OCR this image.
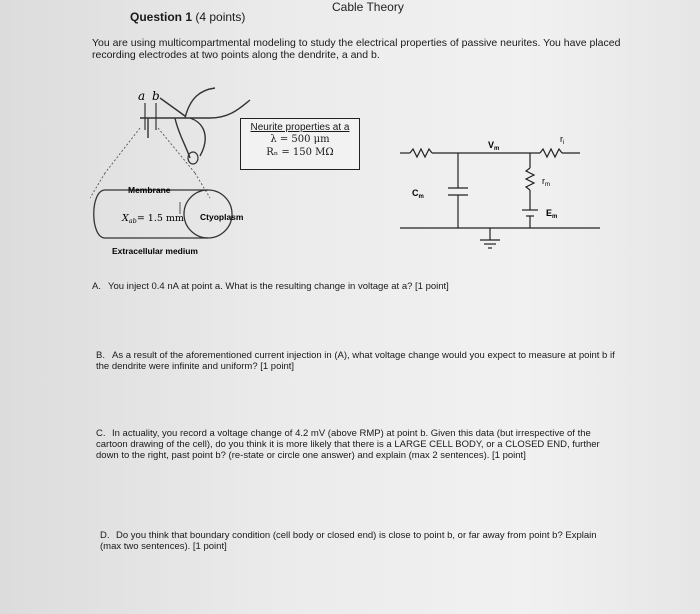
Cable Theory
Question 1 (4 points)
You are using multicompartmental modeling to study the electrical properties of passive neurites. You have placed recording electrodes at two points along the dendrite, a and b.
a b
Membrane
Ctyoplasm
$X_{ab}= 1.5$ mm
Extracellular medium
Neurite properties at a
λ = 500 μm
Rₙ = 150 MΩ
$V_m$
$r_i$
$r_m$
$C_m$
$E_m$
A. You inject 0.4 nA at point a. What is the resulting change in voltage at a? [1 point]
B. As a result of the aforementioned current injection in (A), what voltage change would you expect to measure at point b if the dendrite were infinite and uniform? [1 point]
C. In actuality, you record a voltage change of 4.2 mV (above RMP) at point b. Given this data (but irrespective of the cartoon drawing of the cell), do you think it is more likely that there is a LARGE CELL BODY, or a CLOSED END, further down to the right, past point b? (re-state or circle one answer) and explain (max 2 sentences). [1 point]
D. Do you think that boundary condition (cell body or closed end) is close to point b, or far away from point b? Explain (max two sentences). [1 point]
